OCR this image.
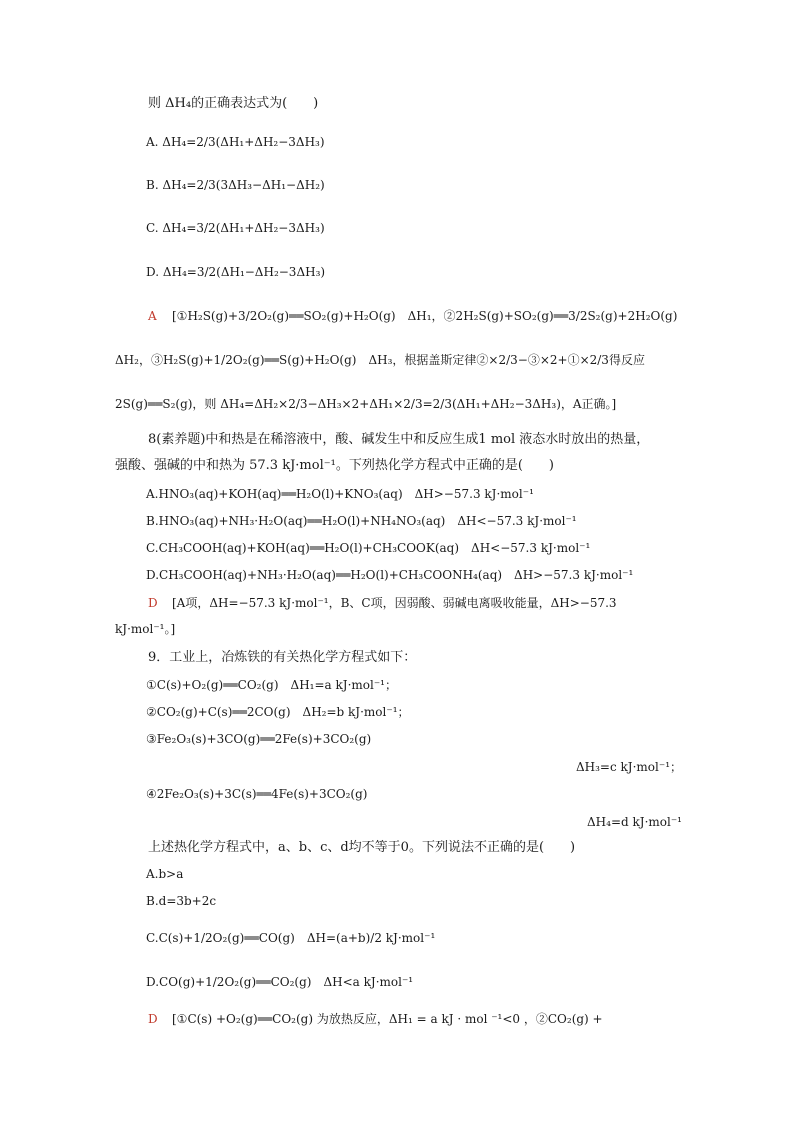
则 ΔH₄的正确表达式为(　　)
A. ΔH₄=2/3(ΔH₁+ΔH₂−3ΔH₃)
B. ΔH₄=2/3(3ΔH₃−ΔH₁−ΔH₂)
C. ΔH₄=3/2(ΔH₁+ΔH₂−3ΔH₃)
D. ΔH₄=3/2(ΔH₁−ΔH₂−3ΔH₃)
A [①H₂S(g)+3/2O₂(g)══SO₂(g)+H₂O(g)　ΔH₁，②2H₂S(g)+SO₂(g)══3/2S₂(g)+2H₂O(g)
ΔH₂，③H₂S(g)+1/2O₂(g)══S(g)+H₂O(g)　ΔH₃，根据盖斯定律②×2/3−③×2+①×2/3得反应
2S(g)══S₂(g)，则 ΔH₄=ΔH₂×2/3−ΔH₃×2+ΔH₁×2/3=2/3(ΔH₁+ΔH₂−3ΔH₃)，A正确。]
8(素养题)中和热是在稀溶液中，酸、碱发生中和反应生成1 mol 液态水时放出的热量，
强酸、强碱的中和热为 57.3 kJ·mol⁻¹。下列热化学方程式中正确的是(　　)
A.HNO₃(aq)+KOH(aq)══H₂O(l)+KNO₃(aq)　ΔH>−57.3 kJ·mol⁻¹
B.HNO₃(aq)+NH₃·H₂O(aq)══H₂O(l)+NH₄NO₃(aq)　ΔH<−57.3 kJ·mol⁻¹
C.CH₃COOH(aq)+KOH(aq)══H₂O(l)+CH₃COOK(aq)　ΔH<−57.3 kJ·mol⁻¹
D.CH₃COOH(aq)+NH₃·H₂O(aq)══H₂O(l)+CH₃COONH₄(aq)　ΔH>−57.3 kJ·mol⁻¹
D [A项，ΔH=−57.3 kJ·mol⁻¹，B、C项，因弱酸、弱碱电离吸收能量，ΔH>−57.3
kJ·mol⁻¹。]
9．工业上，冶炼铁的有关热化学方程式如下：
①C(s)+O₂(g)══CO₂(g)　ΔH₁=a kJ·mol⁻¹；
②CO₂(g)+C(s)══2CO(g)　ΔH₂=b kJ·mol⁻¹；
③Fe₂O₃(s)+3CO(g)══2Fe(s)+3CO₂(g)
ΔH₃=c kJ·mol⁻¹；
④2Fe₂O₃(s)+3C(s)══4Fe(s)+3CO₂(g)
ΔH₄=d kJ·mol⁻¹
上述热化学方程式中，a、b、c、d均不等于0。下列说法不正确的是(　　)
A.b>a
B.d=3b+2c
C.C(s)+1/2O₂(g)══CO(g)　ΔH=(a+b)/2 kJ·mol⁻¹
D.CO(g)+1/2O₂(g)══CO₂(g)　ΔH<a kJ·mol⁻¹
D [①C(s) +O₂(g)══CO₂(g) 为放热反应，ΔH₁ = a kJ · mol ⁻¹<0 ，②CO₂(g) +
